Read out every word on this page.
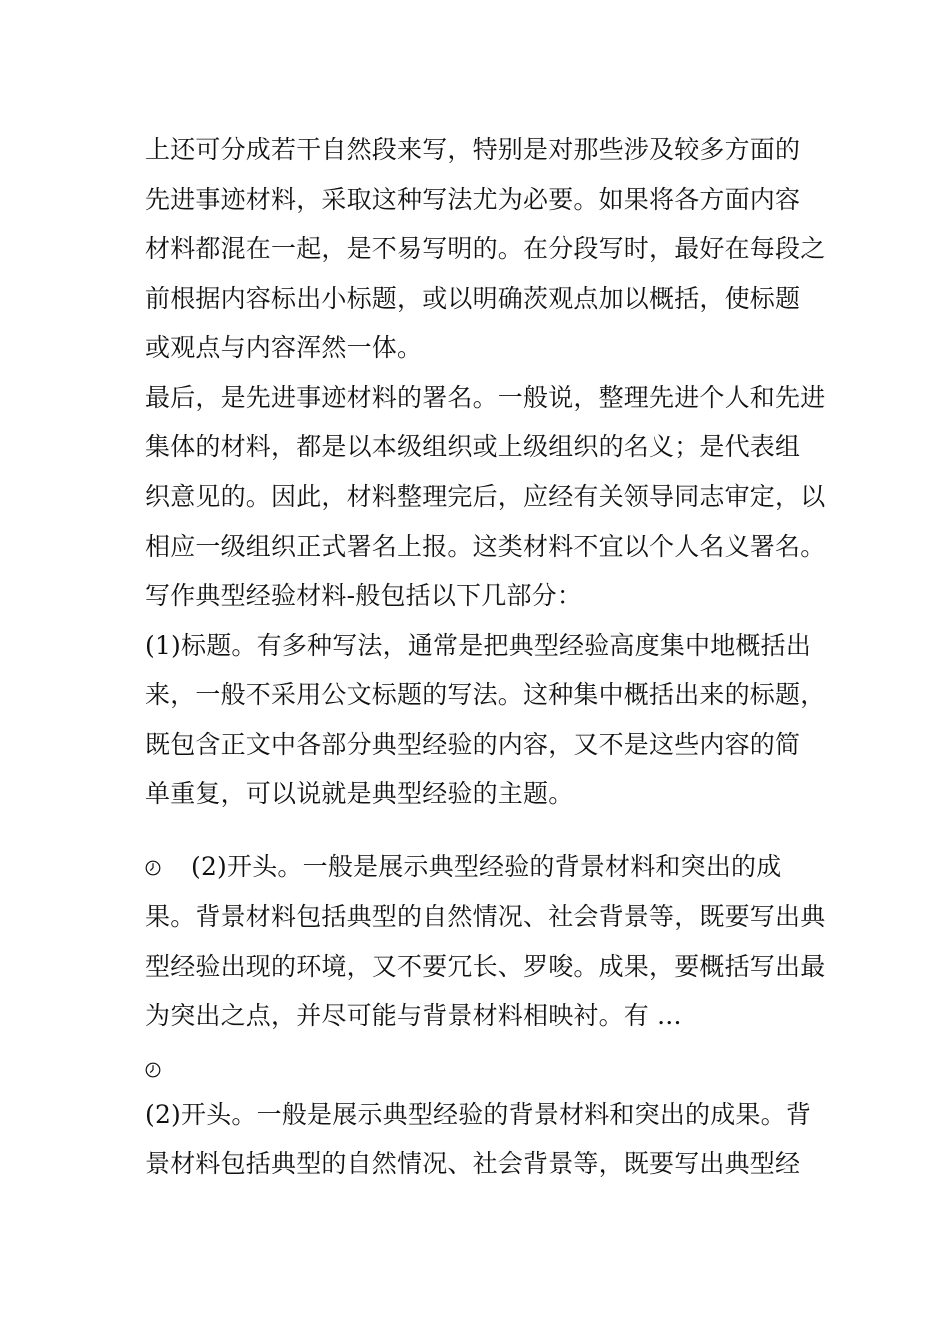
上还可分成若干自然段来写，特别是对那些涉及较多方面的
先进事迹材料，采取这种写法尤为必要。如果将各方面内容
材料都混在一起，是不易写明的。在分段写时，最好在每段之
前根据内容标出小标题，或以明确茨观点加以概括，使标题
或观点与内容浑然一体。
最后，是先进事迹材料的署名。一般说，整理先进个人和先进
集体的材料，都是以本级组织或上级组织的名义；是代表组
织意见的。因此，材料整理完后，应经有关领导同志审定，以
相应一级组织正式署名上报。这类材料不宜以个人名义署名。
写作典型经验材料-般包括以下几部分：
(1)标题。有多种写法，通常是把典型经验高度集中地概括出
来，一般不采用公文标题的写法。这种集中概括出来的标题，
既包含正文中各部分典型经验的内容，又不是这些内容的简
单重复，可以说就是典型经验的主题。
(2)开头。一般是展示典型经验的背景材料和突出的成
果。背景材料包括典型的自然情况、社会背景等，既要写出典
型经验出现的环境，又不要冗长、罗唆。成果，要概括写出最
为突出之点，并尽可能与背景材料相映衬。有 ...
(2)开头。一般是展示典型经验的背景材料和突出的成果。背
景材料包括典型的自然情况、社会背景等，既要写出典型经
